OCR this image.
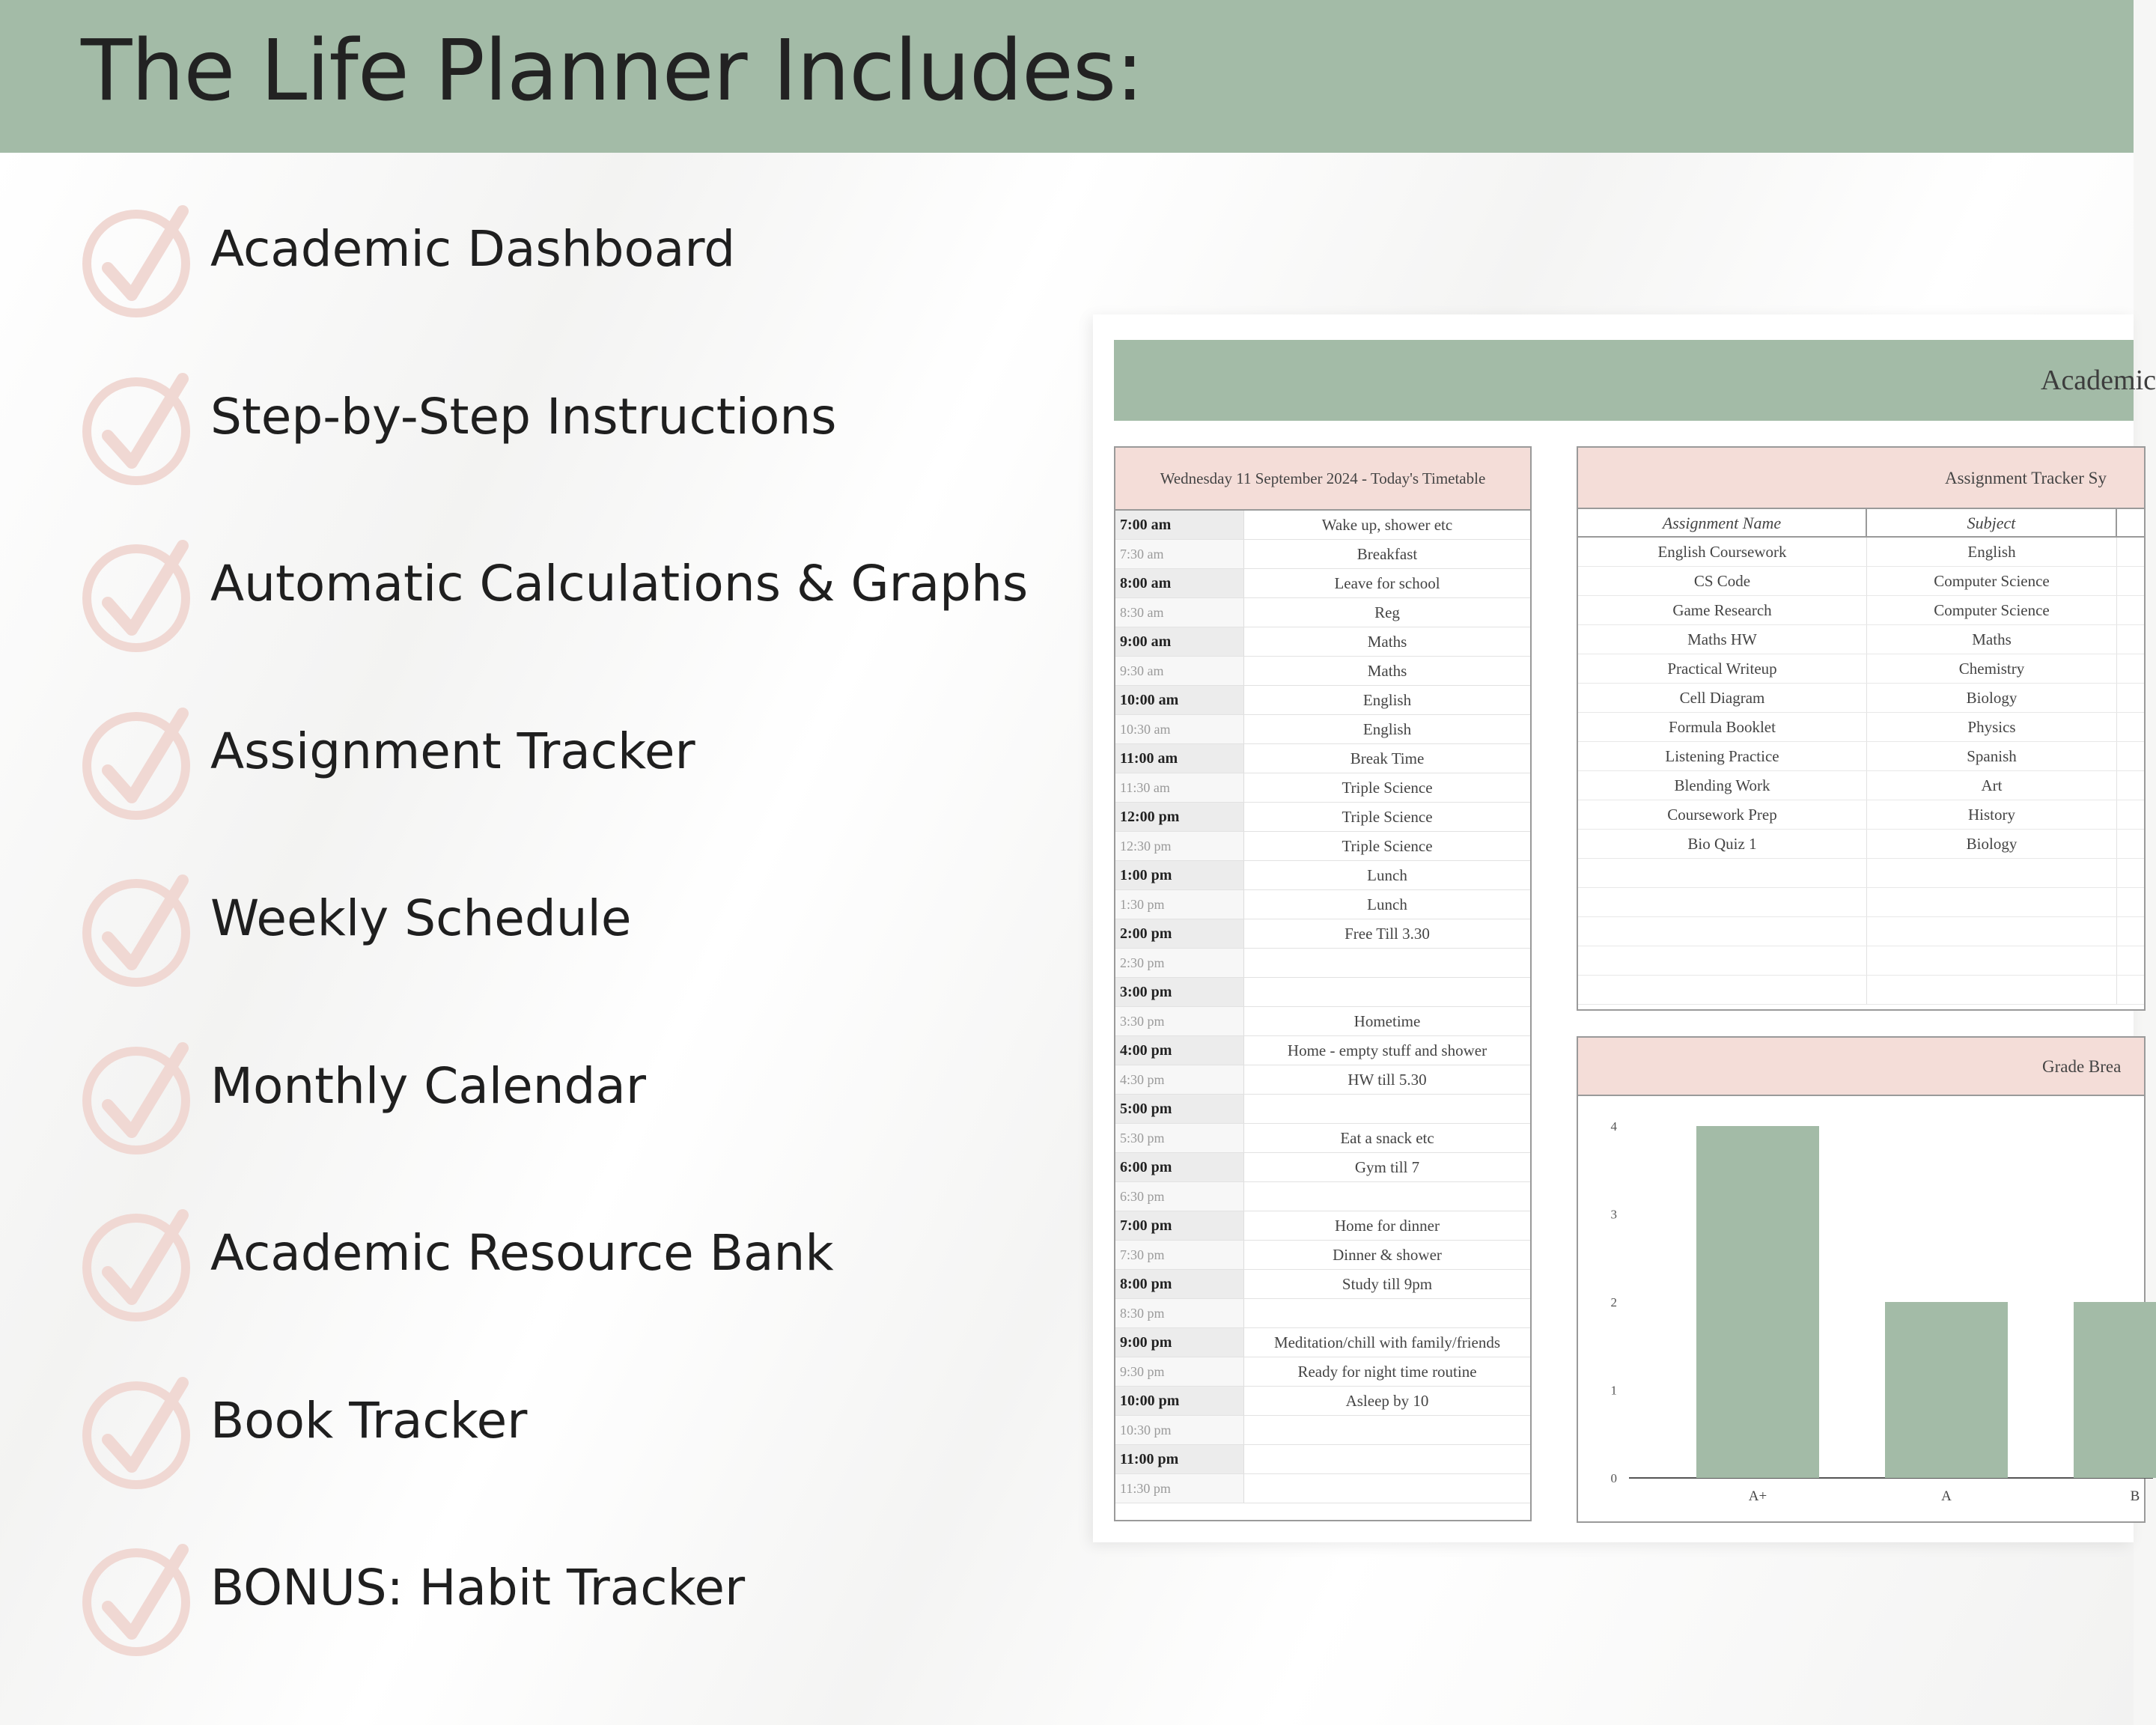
The Life Planner Includes:
Academic Dashboard
Step-by-Step Instructions
Automatic Calculations & Graphs
Assignment Tracker
Weekly Schedule
Monthly Calendar
Academic Resource Bank
Book Tracker
BONUS: Habit Tracker
Academic
Wednesday 11 September 2024 - Today's Timetable
7:00 am	Wake up, shower etc
7:30 am	Breakfast
8:00 am	Leave for school
8:30 am	Reg
9:00 am	Maths
9:30 am	Maths
10:00 am	English
10:30 am	English
11:00 am	Break Time
11:30 am	Triple Science
12:00 pm	Triple Science
12:30 pm	Triple Science
1:00 pm	Lunch
1:30 pm	Lunch
2:00 pm	Free Till 3.30
2:30 pm
3:00 pm
3:30 pm	Hometime
4:00 pm	Home - empty stuff and shower
4:30 pm	HW till 5.30
5:00 pm
5:30 pm	Eat a snack etc
6:00 pm	Gym till 7
6:30 pm
7:00 pm	Home for dinner
7:30 pm	Dinner & shower
8:00 pm	Study till 9pm
8:30 pm
9:00 pm	Meditation/chill with family/friends
9:30 pm	Ready for night time routine
10:00 pm	Asleep by 10
10:30 pm
11:00 pm
11:30 pm
Assignment Tracker Sy
Assignment Name	Subject
English Coursework	English
CS Code	Computer Science
Game Research	Computer Science
Maths HW	Maths
Practical Writeup	Chemistry
Cell Diagram	Biology
Formula Booklet	Physics
Listening Practice	Spanish
Blending Work	Art
Coursework Prep	History
Bio Quiz 1	Biology
Grade Brea
0
1
2
3
4
A+	A	B
